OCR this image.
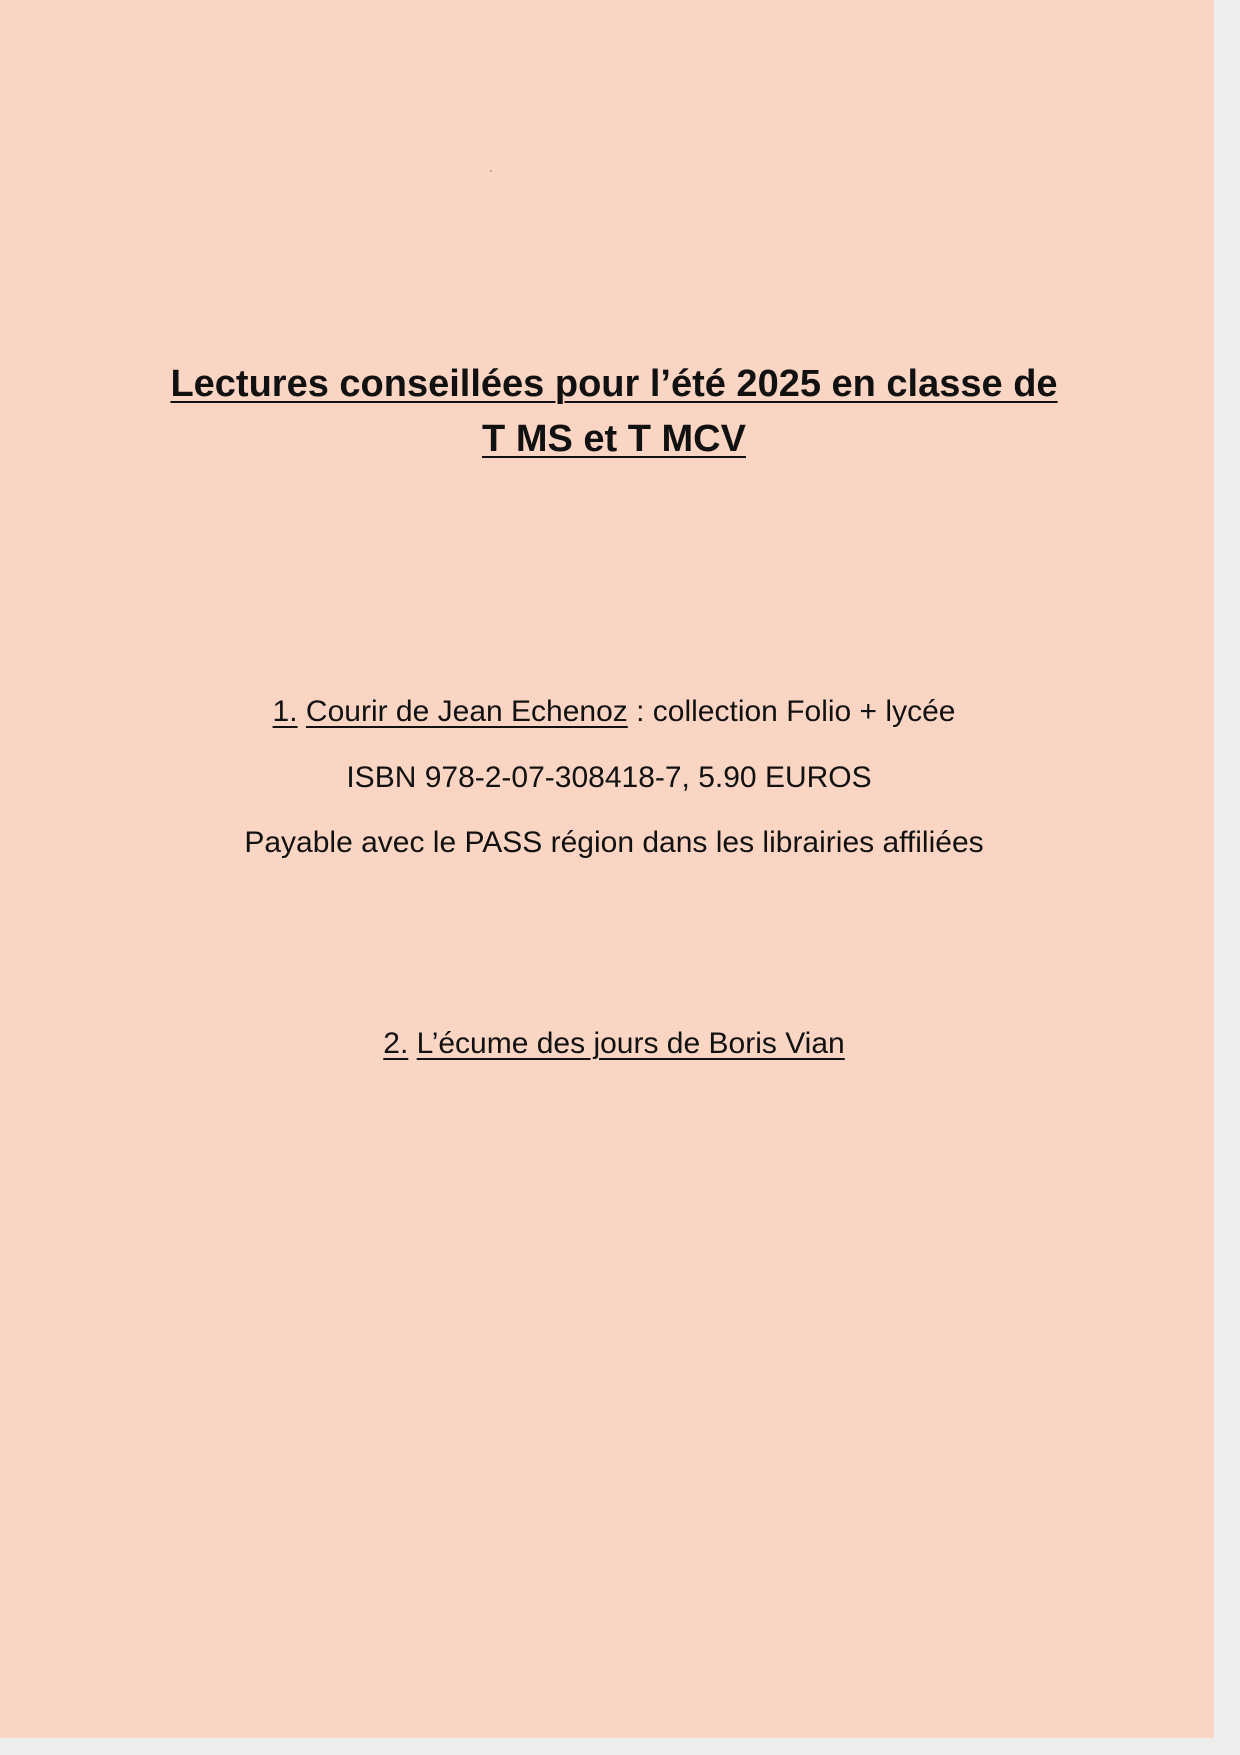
Lectures conseillées pour l’été 2025 en classe de
T MS et T MCV
1. Courir de Jean Echenoz : collection Folio + lycée
ISBN 978-2-07-308418-7, 5.90 EUROS
Payable avec le PASS région dans les librairies affiliées
2. L’écume des jours de Boris Vian
